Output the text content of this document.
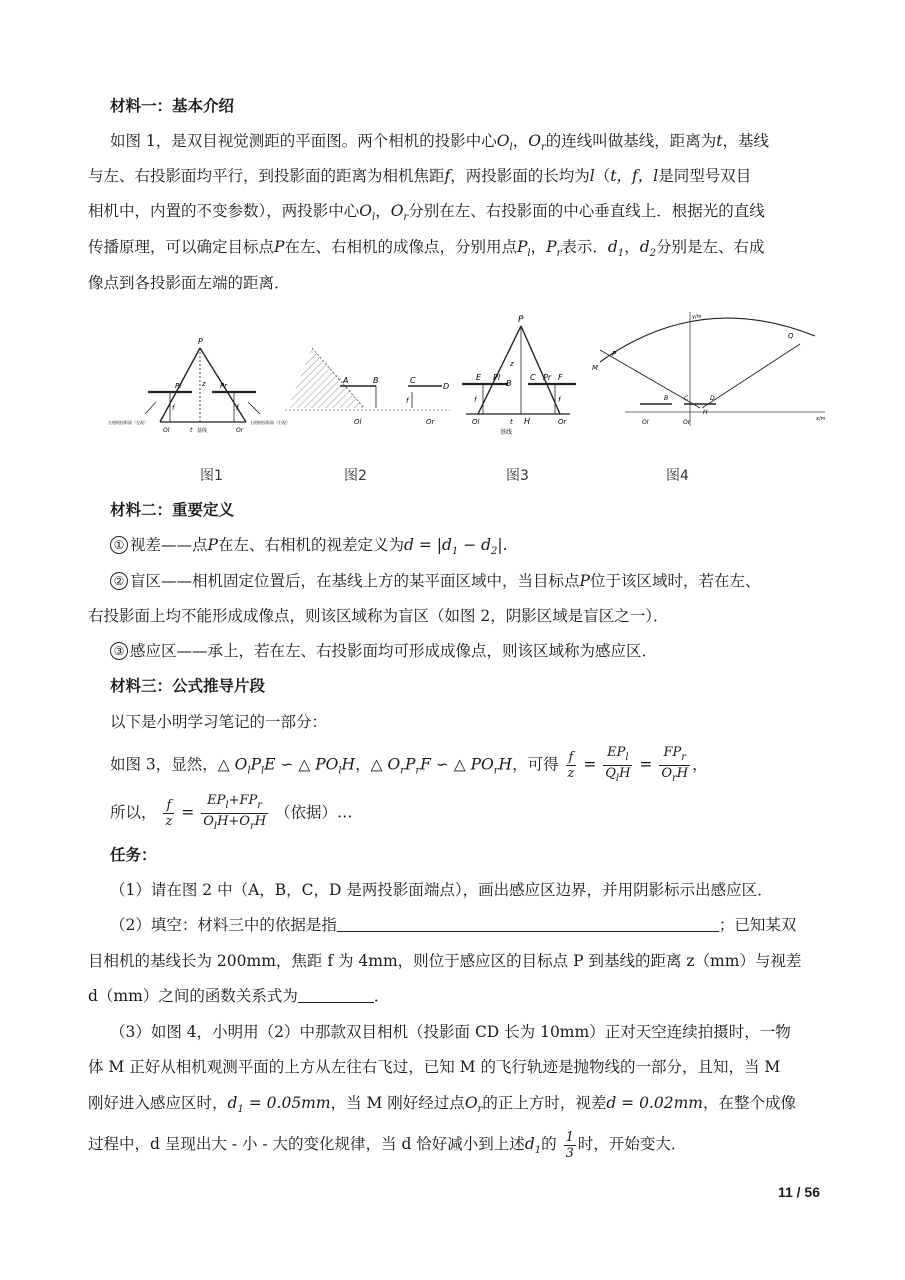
材料一：基本介绍
如图 1，是双目视觉测距的平面图。两个相机的投影中心$O_l$，$O_r$的连线叫做基线，距离为t，基线
与左、右投影面均平行，到投影面的距离为相机焦距f，两投影面的长均为l（t，f，l是同型号双目
相机中，内置的不变参数），两投影中心$O_l$，$O_r$分别在左、右投影面的中心垂直线上．根据光的直线
传播原理，可以确定目标点P在左、右相机的成像点，分别用点$P_l$，$P_r$表示．$d_1$，$d_2$分别是左、右成
像点到各投影面左端的距离．
P
Pl	Pr
z
f	f
Ol	Or
t 基线
左相机投影面（左视）	右相机投影面（右视）
A	B	C
D
f
Ol	Or
P
E Pl
B
C Pr F
z
f	f
Ol	Or
t H
基线
y/m
x/m
M
P
Q
Ol	Or
H
B	C	D
图1	图2	图3	图4
材料二：重要定义
① 视差——点P在左、右相机的视差定义为$d = |d_1 - d_2|$.
② 盲区——相机固定位置后，在基线上方的某平面区域中，当目标点P位于该区域时，若在左、
右投影面上均不能形成成像点，则该区域称为盲区（如图 2，阴影区域是盲区之一）．
③ 感应区——承上，若在左、右投影面均可形成成像点，则该区域称为感应区．
材料三：公式推导片段
以下是小明学习笔记的一部分：
如图 3，显然，△ $O_lP_lE$ ∽ △ $PO_lH$，△ $O_rP_rF$ ∽ △ $PO_rH$，可得 $\frac{f}{z} = \frac{EP_l}{Q_lH} = \frac{FP_r}{O_rH}$ ，
所以， $\frac{f}{z} = \frac{EP_l+FP_r}{O_lH+O_rH}$ （依据）…
任务：
（1）请在图 2 中（A，B，C，D 是两投影面端点），画出感应区边界，并用阴影标示出感应区．
（2）填空：材料三中的依据是指	；已知某双
目相机的基线长为 200mm，焦距 f 为 4mm，则位于感应区的目标点 P 到基线的距离 z（mm）与视差
d（mm）之间的函数关系式为	．
（3）如图 4，小明用（2）中那款双目相机（投影面 CD 长为 10mm）正对天空连续拍摄时，一物
体 M 正好从相机观测平面的上方从左往右飞过，已知 M 的飞行轨迹是抛物线的一部分，且知，当 M
刚好进入感应区时，$d_1 = 0.05mm$，当 M 刚好经过点$O_r$的正上方时，视差d = 0.02mm，在整个成像
过程中，d 呈现出大 - 小 - 大的变化规律，当 d 恰好减小到上述$d_1$的 $\frac{1}{3}$ 时，开始变大．
11 / 56
